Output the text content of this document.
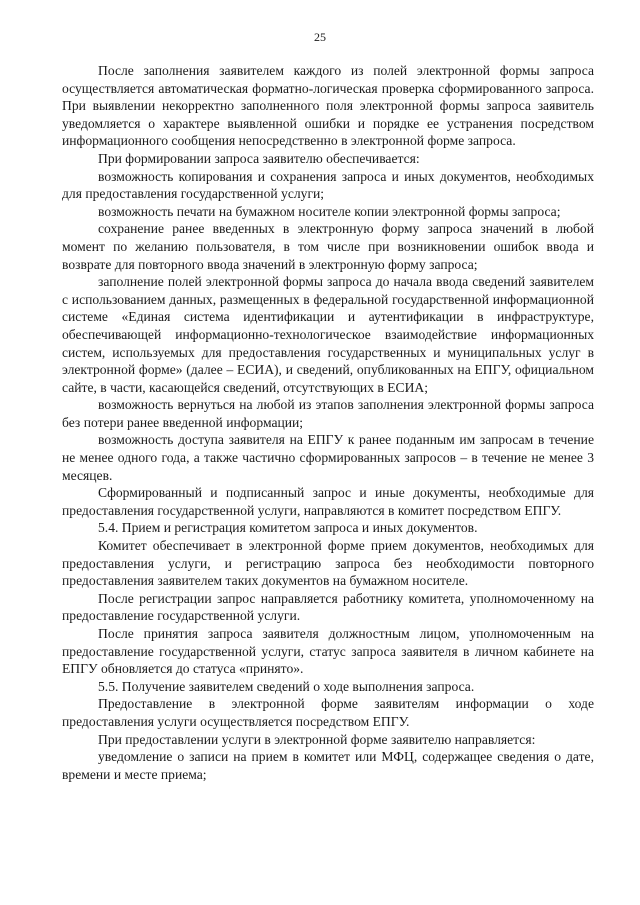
25

После заполнения заявителем каждого из полей электронной формы запроса осуществляется автоматическая форматно-логическая проверка сформированного запроса. При выявлении некорректно заполненного поля электронной формы запроса заявитель уведомляется о характере выявленной ошибки и порядке ее устранения посредством информационного сообщения непосредственно в электронной форме запроса.

При формировании запроса заявителю обеспечивается:

возможность копирования и сохранения запроса и иных документов, необходимых для предоставления государственной услуги;

возможность печати на бумажном носителе копии электронной формы запроса;

сохранение ранее введенных в электронную форму запроса значений в любой момент по желанию пользователя, в том числе при возникновении ошибок ввода и возврате для повторного ввода значений в электронную форму запроса;

заполнение полей электронной формы запроса до начала ввода сведений заявителем с использованием данных, размещенных в федеральной государственной информационной системе «Единая система идентификации и аутентификации в инфраструктуре, обеспечивающей информационно-технологическое взаимодействие информационных систем, используемых для предоставления государственных и муниципальных услуг в электронной форме» (далее – ЕСИА), и сведений, опубликованных на ЕПГУ, официальном сайте, в части, касающейся сведений, отсутствующих в ЕСИА;

возможность вернуться на любой из этапов заполнения электронной формы запроса без потери ранее введенной информации;

возможность доступа заявителя на ЕПГУ к ранее поданным им запросам в течение не менее одного года, а также частично сформированных запросов – в течение не менее 3 месяцев.

Сформированный и подписанный запрос и иные документы, необходимые для предоставления государственной услуги, направляются в комитет посредством ЕПГУ.

5.4. Прием и регистрация комитетом запроса и иных документов.

Комитет обеспечивает в электронной форме прием документов, необходимых для предоставления услуги, и регистрацию запроса без необходимости повторного предоставления заявителем таких документов на бумажном носителе.

После регистрации запрос направляется работнику комитета, уполномоченному на предоставление государственной услуги.

После принятия запроса заявителя должностным лицом, уполномоченным на предоставление государственной услуги, статус запроса заявителя в личном кабинете на ЕПГУ обновляется до статуса «принято».

5.5. Получение заявителем сведений о ходе выполнения запроса.

Предоставление в электронной форме заявителям информации о ходе предоставления услуги осуществляется посредством ЕПГУ.

При предоставлении услуги в электронной форме заявителю направляется:

уведомление о записи на прием в комитет или МФЦ, содержащее сведения о дате, времени и месте приема;
